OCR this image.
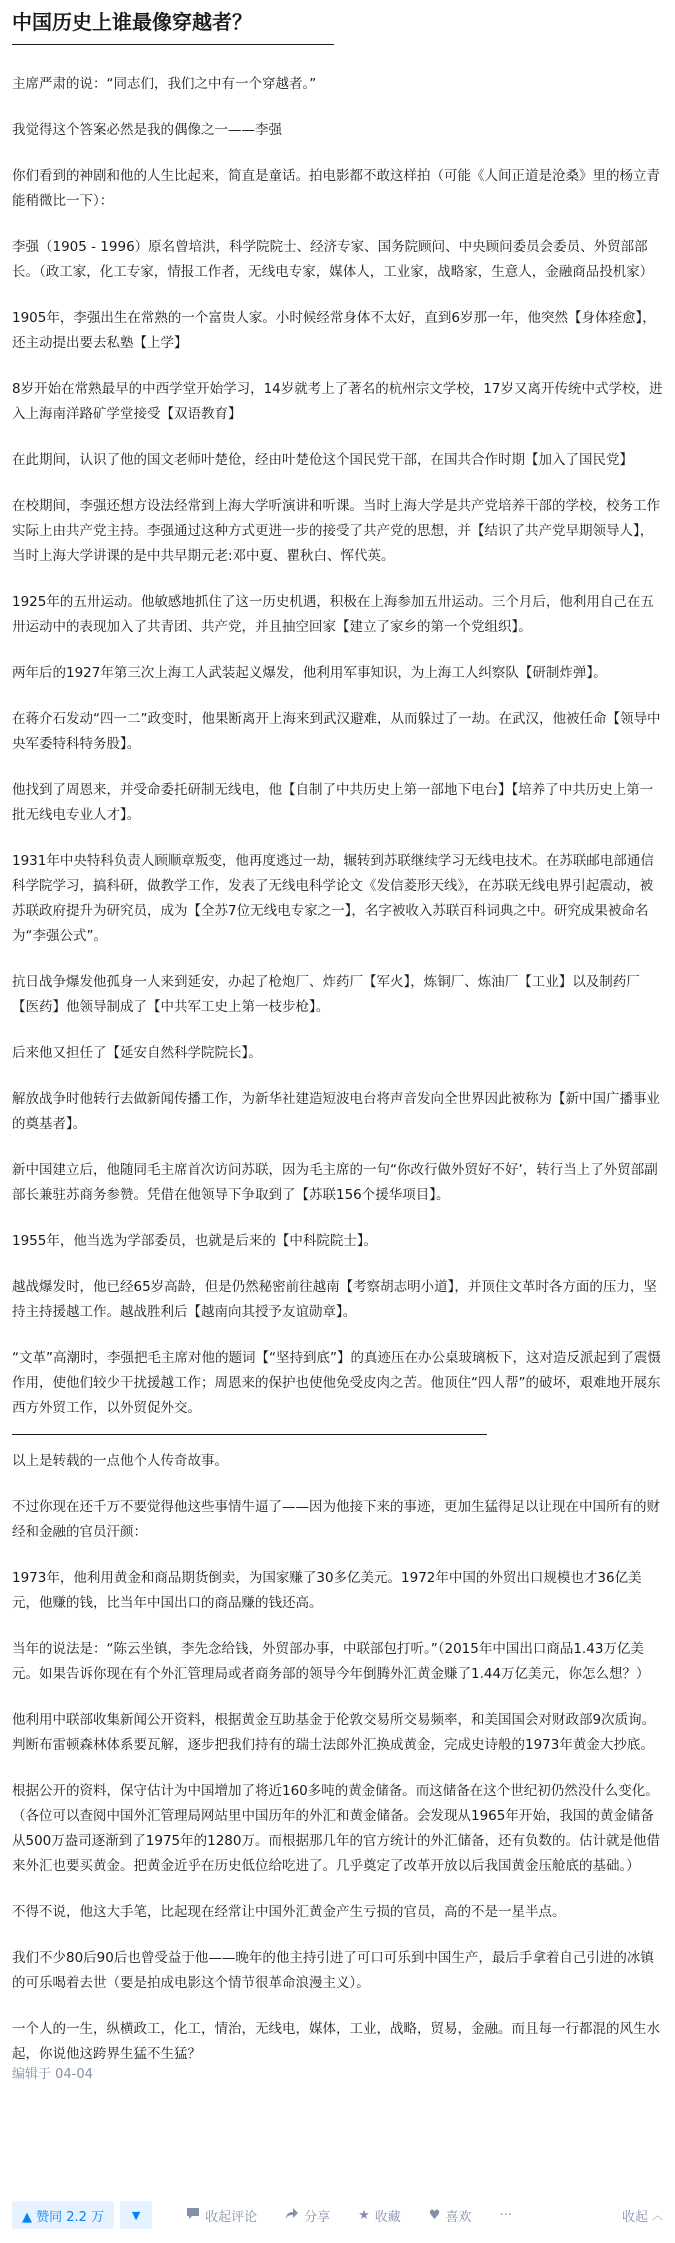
中国历史上谁最像穿越者？
主席严肃的说：“同志们，我们之中有一个穿越者。”
我觉得这个答案必然是我的偶像之一——李强
你们看到的神剧和他的人生比起来，简直是童话。拍电影都不敢这样拍（可能《人间正道是沧桑》里的杨立青能稍微比一下）：
李强（1905 - 1996）原名曾培洪，科学院院士、经济专家、国务院顾问、中央顾问委员会委员、外贸部部长。（政工家，化工专家，情报工作者，无线电专家，媒体人，工业家，战略家，生意人，金融商品投机家）
1905年，李强出生在常熟的一个富贵人家。小时候经常身体不太好，直到6岁那一年，他突然【身体痊愈】，还主动提出要去私塾【上学】
8岁开始在常熟最早的中西学堂开始学习，14岁就考上了著名的杭州宗文学校，17岁又离开传统中式学校，进入上海南洋路矿学堂接受【双语教育】
在此期间，认识了他的国文老师叶楚伧，经由叶楚伧这个国民党干部，在国共合作时期【加入了国民党】
在校期间，李强还想方设法经常到上海大学听演讲和听课。当时上海大学是共产党培养干部的学校，校务工作实际上由共产党主持。李强通过这种方式更进一步的接受了共产党的思想，并【结识了共产党早期领导人】，当时上海大学讲课的是中共早期元老:邓中夏、瞿秋白、恽代英。
1925年的五卅运动。他敏感地抓住了这一历史机遇，积极在上海参加五卅运动。三个月后，他利用自己在五卅运动中的表现加入了共青团、共产党，并且抽空回家【建立了家乡的第一个党组织】。
两年后的1927年第三次上海工人武装起义爆发，他利用军事知识，为上海工人纠察队【研制炸弹】。
在蒋介石发动“四一二”政变时，他果断离开上海来到武汉避难，从而躲过了一劫。在武汉，他被任命【领导中央军委特科特务股】。
他找到了周恩来，并受命委托研制无线电，他【自制了中共历史上第一部地下电台】【培养了中共历史上第一批无线电专业人才】。
1931年中央特科负责人顾顺章叛变，他再度逃过一劫，辗转到苏联继续学习无线电技术。在苏联邮电部通信科学院学习，搞科研，做教学工作，发表了无线电科学论文《发信菱形天线》，在苏联无线电界引起震动，被苏联政府提升为研究员，成为【全苏7位无线电专家之一】，名字被收入苏联百科词典之中。研究成果被命名为“李强公式”。
抗日战争爆发他孤身一人来到延安，办起了枪炮厂、炸药厂【军火】，炼铜厂、炼油厂【工业】以及制药厂【医药】他领导制成了【中共军工史上第一枝步枪】。
后来他又担任了【延安自然科学院院长】。
解放战争时他转行去做新闻传播工作，为新华社建造短波电台将声音发向全世界因此被称为【新中国广播事业的奠基者】。
新中国建立后，他随同毛主席首次访问苏联，因为毛主席的一句“你改行做外贸好不好’，转行当上了外贸部副部长兼驻苏商务参赞。凭借在他领导下争取到了【苏联156个援华项目】。
1955年，他当选为学部委员，也就是后来的【中科院院士】。
越战爆发时，他已经65岁高龄，但是仍然秘密前往越南【考察胡志明小道】，并顶住文革时各方面的压力，坚持主持援越工作。越战胜利后【越南向其授予友谊勋章】。
“文革”高潮时，李强把毛主席对他的题词【“坚持到底”】的真迹压在办公桌玻璃板下，这对造反派起到了震慑作用，使他们较少干扰援越工作；周恩来的保护也使他免受皮肉之苦。他顶住“四人帮”的破坏，艰难地开展东西方外贸工作，以外贸促外交。
以上是转载的一点他个人传奇故事。
不过你现在还千万不要觉得他这些事情牛逼了——因为他接下来的事迹，更加生猛得足以让现在中国所有的财经和金融的官员汗颜：
1973年，他利用黄金和商品期货倒卖，为国家赚了30多亿美元。1972年中国的外贸出口规模也才36亿美元，他赚的钱，比当年中国出口的商品赚的钱还高。
当年的说法是：“陈云坐镇，李先念给钱，外贸部办事，中联部包打听。”（2015年中国出口商品1.43万亿美元。如果告诉你现在有个外汇管理局或者商务部的领导今年倒腾外汇黄金赚了1.44万亿美元，你怎么想？）
他利用中联部收集新闻公开资料，根据黄金互助基金于伦敦交易所交易频率，和美国国会对财政部9次质询。判断布雷顿森林体系要瓦解，逐步把我们持有的瑞士法郎外汇换成黄金，完成史诗般的1973年黄金大抄底。
根据公开的资料，保守估计为中国增加了将近160多吨的黄金储备。而这储备在这个世纪初仍然没什么变化。（各位可以查阅中国外汇管理局网站里中国历年的外汇和黄金储备。会发现从1965年开始，我国的黄金储备从500万盎司逐渐到了1975年的1280万。而根据那几年的官方统计的外汇储备，还有负数的。估计就是他借来外汇也要买黄金。把黄金近乎在历史低位给吃进了。几乎奠定了改革开放以后我国黄金压舱底的基础。）
不得不说，他这大手笔，比起现在经常让中国外汇黄金产生亏损的官员，高的不是一星半点。
我们不少80后90后也曾受益于他——晚年的他主持引进了可口可乐到中国生产，最后手拿着自己引进的冰镇的可乐喝着去世（要是拍成电影这个情节很革命浪漫主义）。
一个人的一生，纵横政工，化工，情治，无线电，媒体，工业，战略，贸易，金融。而且每一行都混的风生水起，你说他这跨界生猛不生猛？
编辑于 04-04
▲ 赞同 2.2 万	▼	收起评论	分享 ★ 收藏 ♥ 喜欢 ···	收起 ︿
